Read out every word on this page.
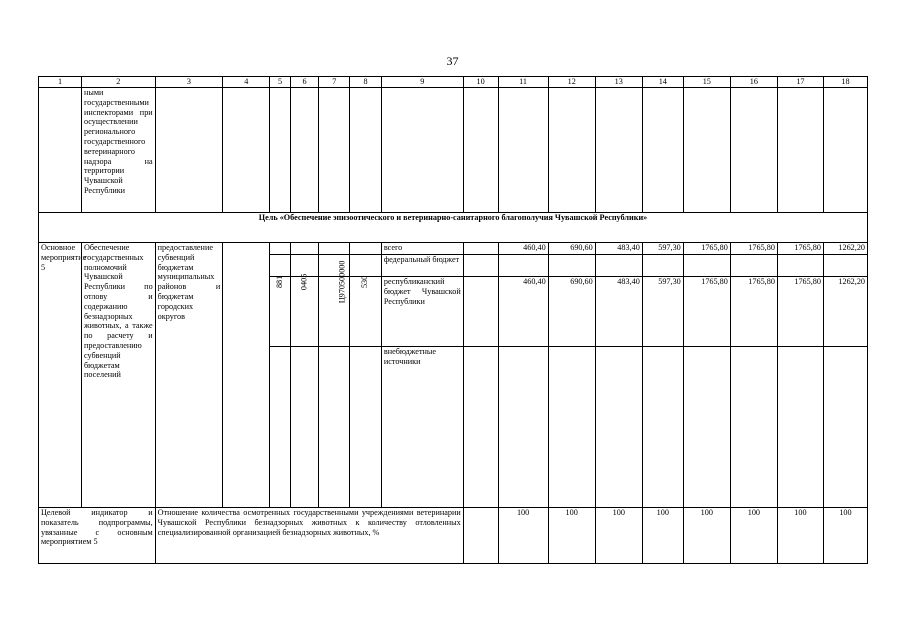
37
1	2	3	4	5	6	7	8	9	10	11	12	13	14	15	16	17	18
	ными государственными инспекторами при осуществлении регионального государственного ветеринарного надзора на территории Чувашской Республики																
Цель «Обеспечение эпизоотического и ветеринарно-санитарного благополучия Чувашской Республики»																	
Основное мероприятие 5	Обеспечение государственных полномочий Чувашской Республики по отлову и содержанию безнадзорных животных, а также по расчету и предоставлению субвенций бюджетам поселений	предоставление субвенций бюджетам муниципальных районов и бюджетам городских округов						всего		460,40	690,60	483,40	597,30	1765,80	1765,80	1765,80	1262,20
								федеральный бюджет									
				881	0405	Ц970500000	530	республиканский бюджет Чувашской Республики		460,40	690,60	483,40	597,30	1765,80	1765,80	1765,80	1262,20
								внебюджетные источники									
Целевой индикатор и показатель подпрограммы, увязанные с основным мероприятием 5		Отношение количества осмотренных государственными учреждениями ветеринарии Чувашской Республики безнадзорных животных к количеству отловленных специализированной организацией безнадзорных животных, %								100	100	100	100	100	100	100	100
